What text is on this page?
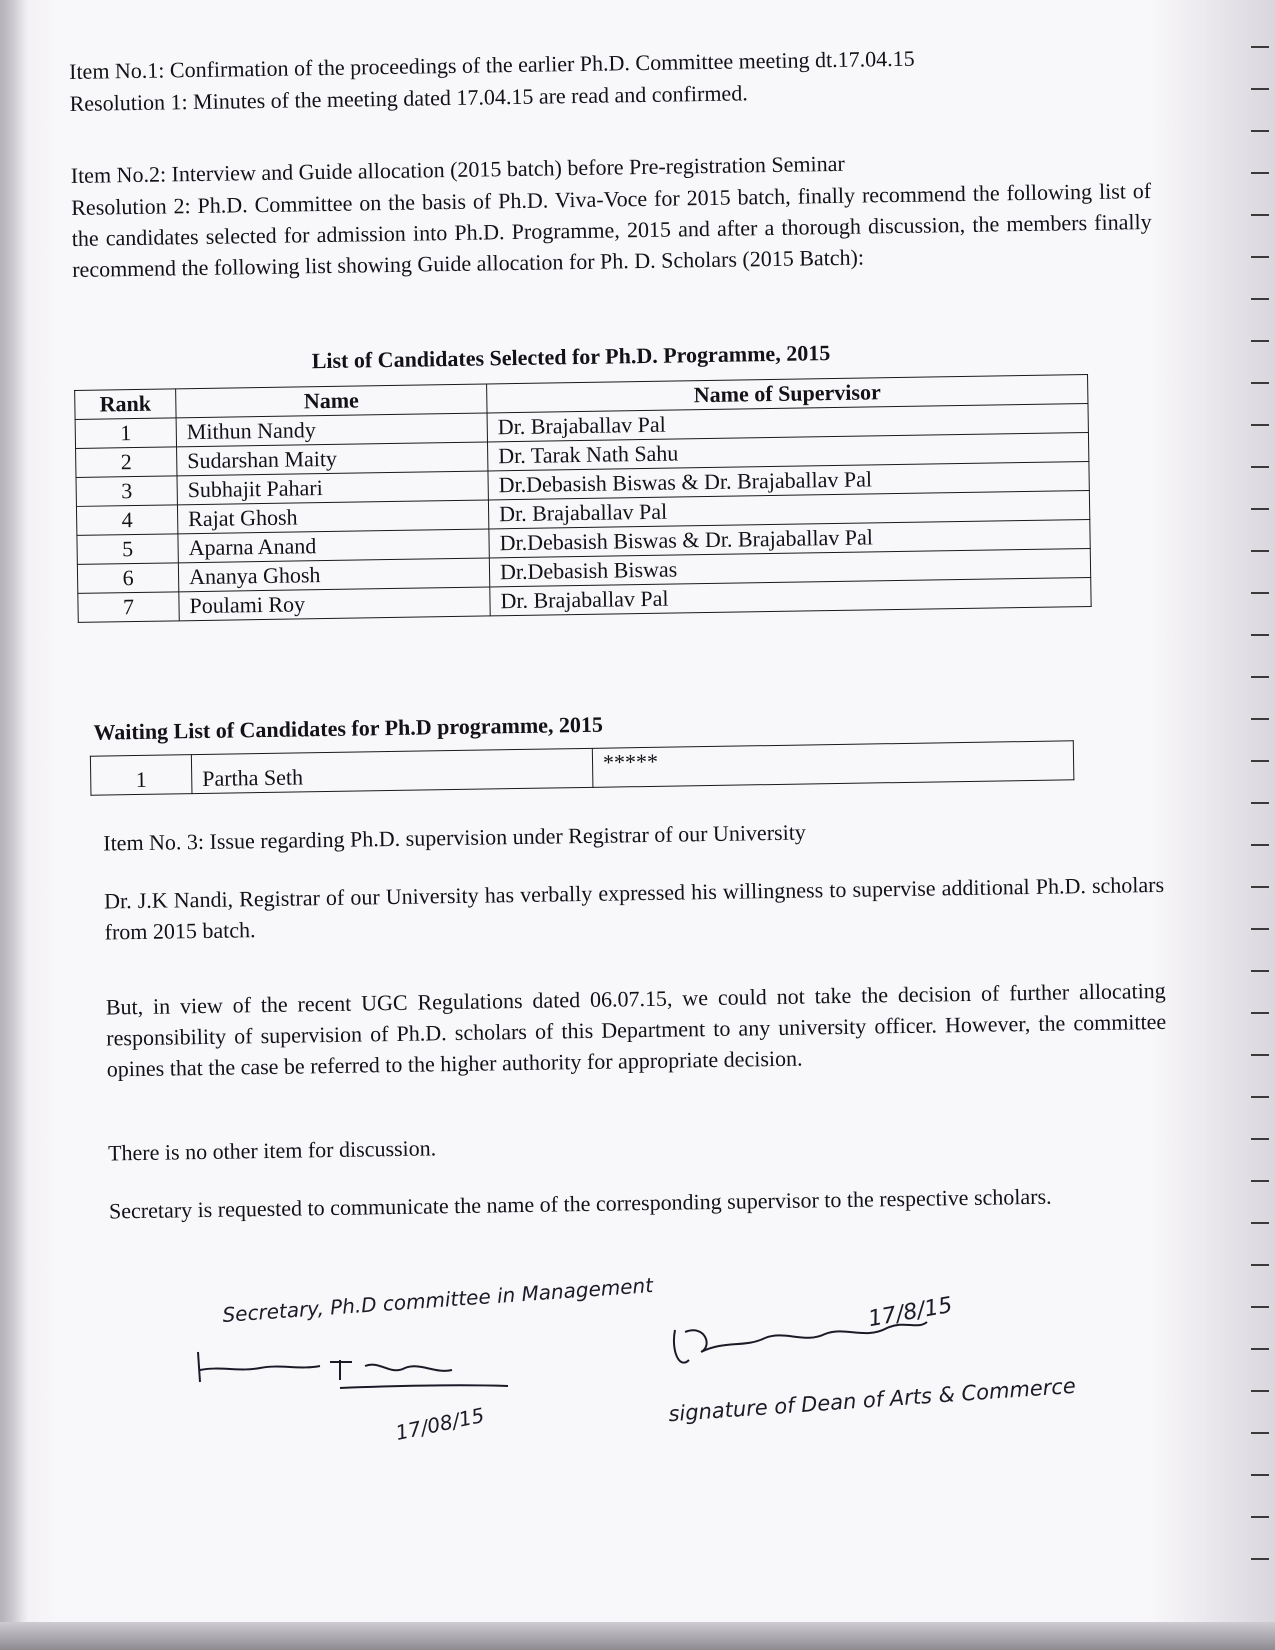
Item No.1: Confirmation of the proceedings of the earlier Ph.D. Committee meeting dt.17.04.15
Resolution 1: Minutes of the meeting dated 17.04.15 are read and confirmed.
Item No.2: Interview and Guide allocation (2015 batch) before Pre-registration Seminar
Resolution 2: Ph.D. Committee on the basis of Ph.D. Viva-Voce for 2015 batch, finally recommend the following list of the candidates selected for admission into Ph.D. Programme, 2015 and after a thorough discussion, the members finally recommend the following list showing Guide allocation for Ph. D. Scholars (2015 Batch):
List of Candidates Selected for Ph.D. Programme, 2015
Rank	Name	Name of Supervisor
1	Mithun Nandy	Dr. Brajaballav Pal
2	Sudarshan Maity	Dr. Tarak Nath Sahu
3	Subhajit Pahari	Dr.Debasish Biswas & Dr. Brajaballav Pal
4	Rajat Ghosh	Dr. Brajaballav Pal
5	Aparna Anand	Dr.Debasish Biswas & Dr. Brajaballav Pal
6	Ananya Ghosh	Dr.Debasish Biswas
7	Poulami Roy	Dr. Brajaballav Pal
Waiting List of Candidates for Ph.D programme, 2015
1	Partha Seth	*****
Item No. 3: Issue regarding Ph.D. supervision under Registrar of our University
Dr. J.K Nandi, Registrar of our University has verbally expressed his willingness to supervise additional Ph.D. scholars from 2015 batch.
But, in view of the recent UGC Regulations dated 06.07.15, we could not take the decision of further allocating responsibility of supervision of Ph.D. scholars of this Department to any university officer. However, the committee opines that the case be referred to the higher authority for appropriate decision.
There is no other item for discussion.
Secretary is requested to communicate the name of the corresponding supervisor to the respective scholars.
Secretary, Ph.D committee in Management
17/08/15
17/8/15
signature of Dean of Arts & Commerce
